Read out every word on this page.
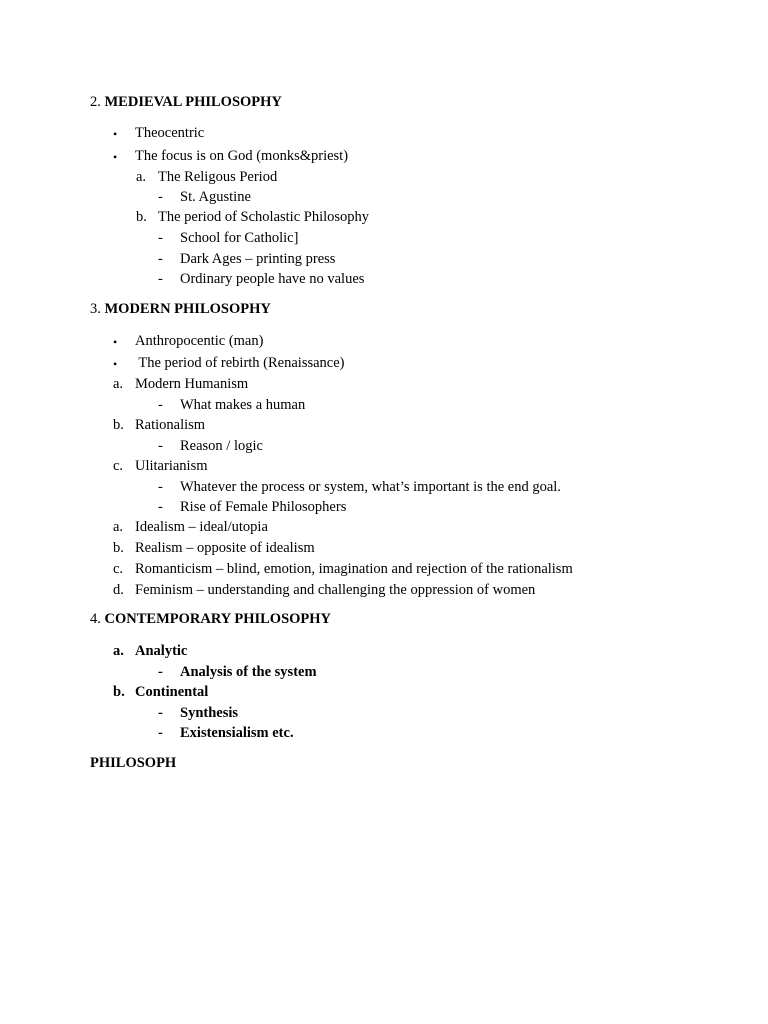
2. MEDIEVAL PHILOSOPHY
• Theocentric
• The focus is on God (monks&priest)
a. The Religous Period
- St. Agustine
b. The period of Scholastic Philosophy
- School for Catholic]
- Dark Ages – printing press
- Ordinary people have no values
3. MODERN PHILOSOPHY
• Anthropocentic (man)
• The period of rebirth (Renaissance)
a. Modern Humanism
- What makes a human
b. Rationalism
- Reason / logic
c. Ulitarianism
- Whatever the process or system, what’s important is the end goal.
- Rise of Female Philosophers
a. Idealism – ideal/utopia
b. Realism – opposite of idealism
c. Romanticism – blind, emotion, imagination and rejection of the rationalism
d. Feminism – understanding and challenging the oppression of women
4. CONTEMPORARY PHILOSOPHY
a. Analytic
- Analysis of the system
b. Continental
- Synthesis
- Existensialism etc.
PHILOSOPH
